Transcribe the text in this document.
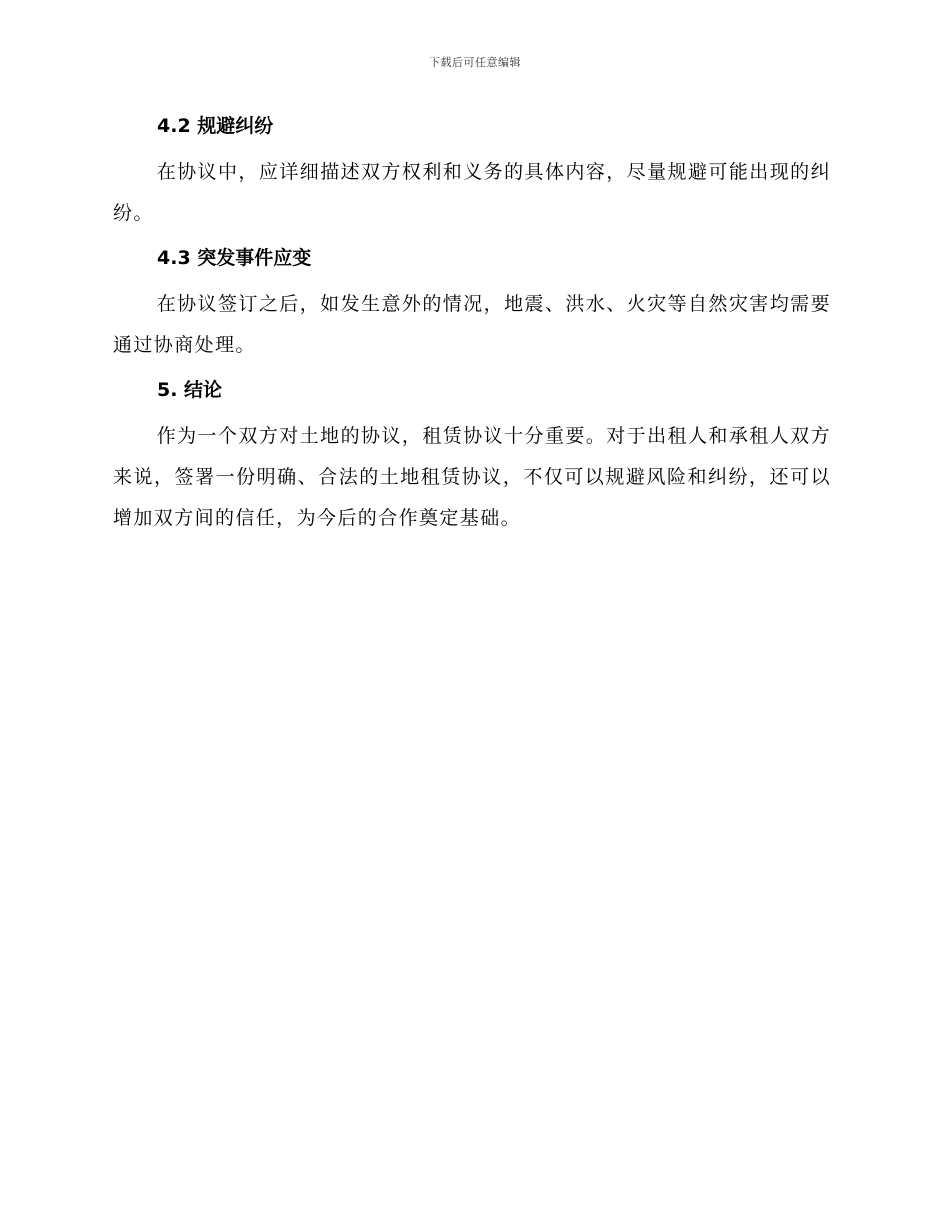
下载后可任意编辑
4.2 规避纠纷

在协议中，应详细描述双方权利和义务的具体内容，尽量规避可能出现的纠纷。

4.3 突发事件应变

在协议签订之后，如发生意外的情况，地震、洪水、火灾等自然灾害均需要通过协商处理。

5. 结论

作为一个双方对土地的协议，租赁协议十分重要。对于出租人和承租人双方来说，签署一份明确、合法的土地租赁协议，不仅可以规避风险和纠纷，还可以增加双方间的信任，为今后的合作奠定基础。
